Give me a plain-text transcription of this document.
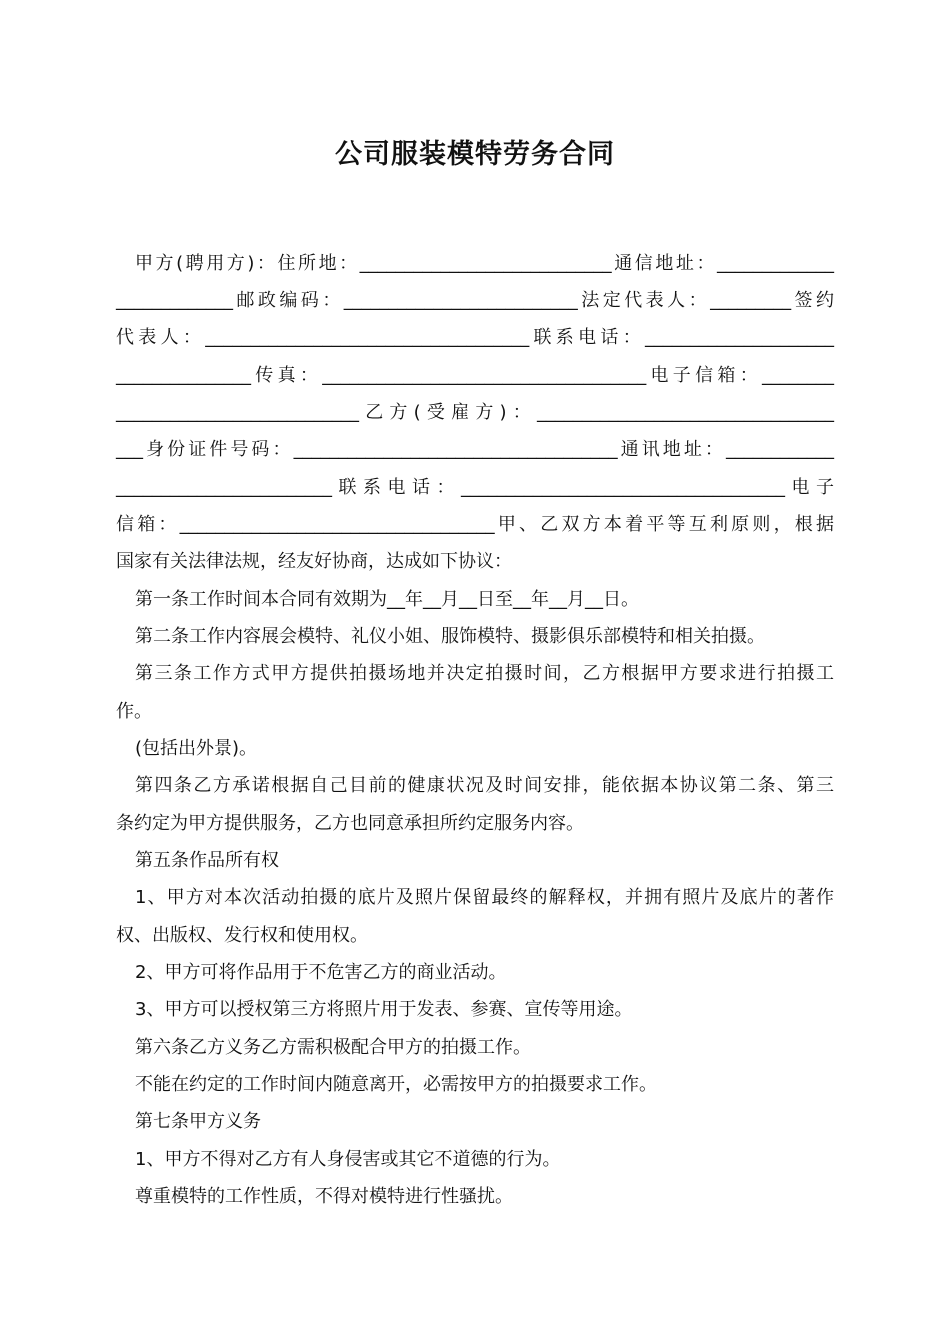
公司服装模特劳务合同

甲方(聘用方)：住所地：____________________________通信地址：_____________

_____________邮政编码：__________________________法定代表人：_________签约

代表人：____________________________________联系电话：_____________________

_______________传真：____________________________________电子信箱：________

___________________________乙方(受雇方)：_________________________________

___身份证件号码：____________________________________通讯地址：____________

________________________联系电话：____________________________________电子

信箱：___________________________________甲、乙双方本着平等互利原则，根据

国家有关法律法规，经友好协商，达成如下协议：

第一条工作时间本合同有效期为__年__月__日至__年__月__日。

第二条工作内容展会模特、礼仪小姐、服饰模特、摄影俱乐部模特和相关拍摄。

第三条工作方式甲方提供拍摄场地并决定拍摄时间，乙方根据甲方要求进行拍摄工

作。

(包括出外景)。

第四条乙方承诺根据自己目前的健康状况及时间安排，能依据本协议第二条、第三

条约定为甲方提供服务，乙方也同意承担所约定服务内容。

第五条作品所有权

1、甲方对本次活动拍摄的底片及照片保留最终的解释权，并拥有照片及底片的著作

权、出版权、发行权和使用权。

2、甲方可将作品用于不危害乙方的商业活动。

3、甲方可以授权第三方将照片用于发表、参赛、宣传等用途。

第六条乙方义务乙方需积极配合甲方的拍摄工作。

不能在约定的工作时间内随意离开，必需按甲方的拍摄要求工作。

第七条甲方义务

1、甲方不得对乙方有人身侵害或其它不道德的行为。

尊重模特的工作性质，不得对模特进行性骚扰。
